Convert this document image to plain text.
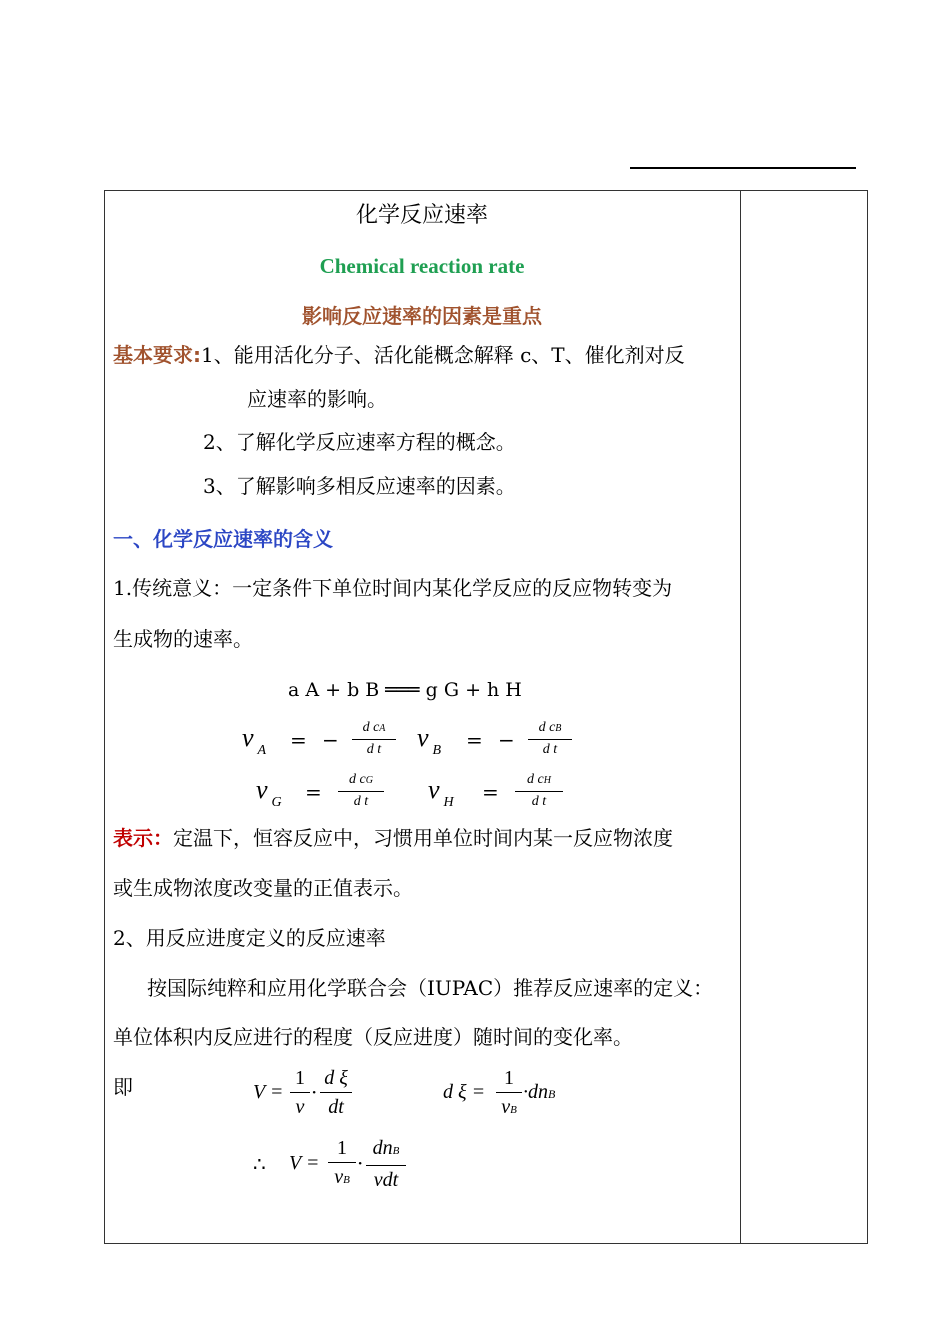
化学反应速率
Chemical reaction rate
影响反应速率的因素是重点
基本要求:1、能用活化分子、活化能概念解释 c、T、催化剂对反
应速率的影响。
2、了解化学反应速率方程的概念。
3、了解影响多相反应速率的因素。
一、化学反应速率的含义
1.传统意义：一定条件下单位时间内某化学反应的反应物转变为
生成物的速率。
a A + b B ═══ g G + h H
v $_A$ = −
d cA
d t	v $_B$ = −
d cB
d t
v $_G$ =
d cG
d t	v $_H$ =
d cH
d t
表示：定温下，恒容反应中，习惯用单位时间内某一反应物浓度
或生成物浓度改变量的正值表示。
2、用反应进度定义的反应速率
按国际纯粹和应用化学联合会（IUPAC）推荐反应速率的定义：
单位体积内反应进行的程度（反应进度）随时间的变化率。
即	V =
1
v
·
d ξ
dt
d ξ =
1
vB
·dnB
∴ V =
1
vB
·
dnB
vdt
